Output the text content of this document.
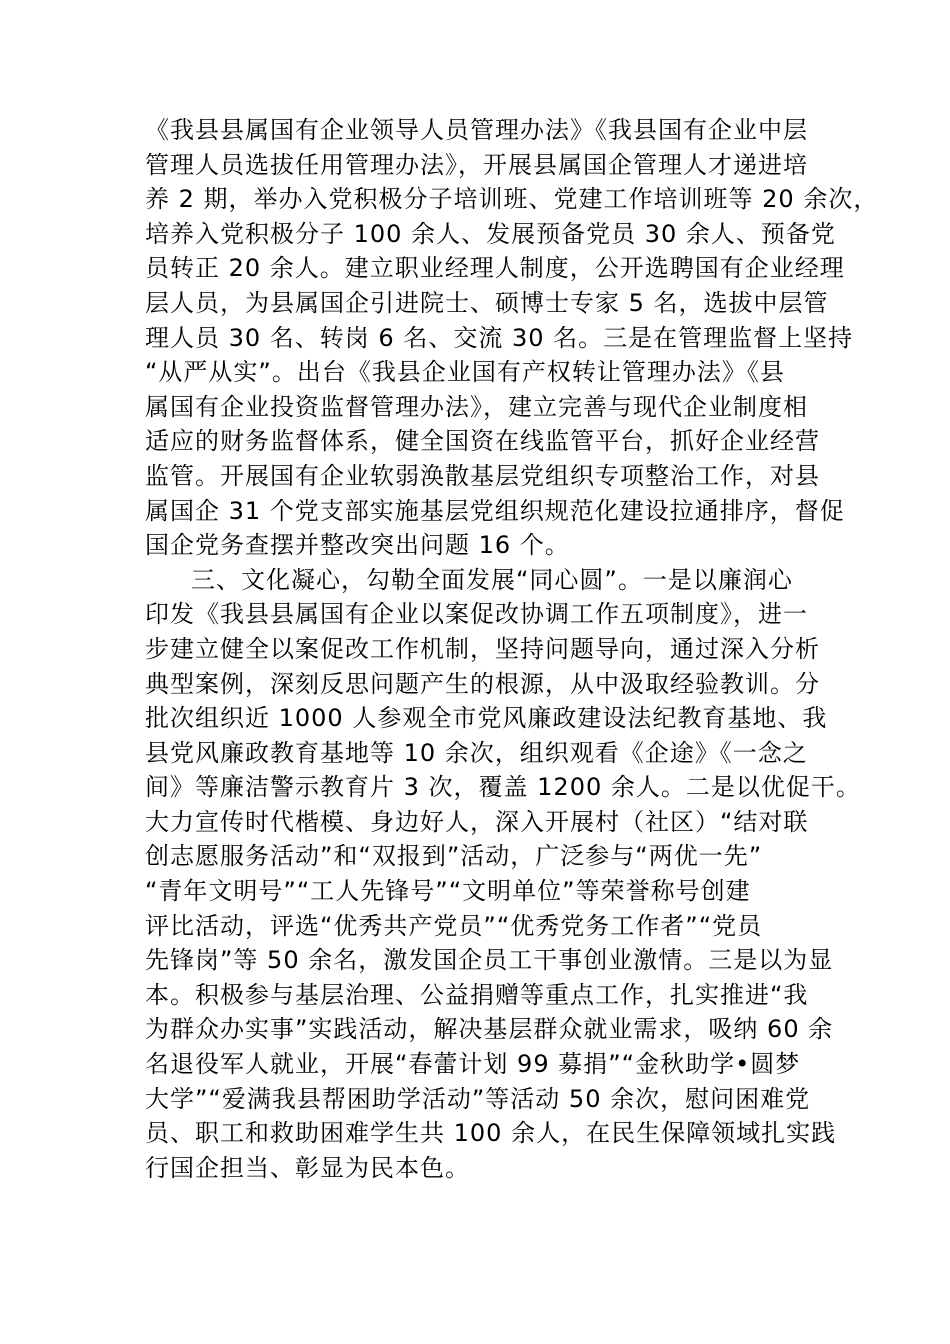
《我县县属国有企业领导人员管理办法》《我县国有企业中层
管理人员选拔任用管理办法》，开展县属国企管理人才递进培
养 2 期，举办入党积极分子培训班、党建工作培训班等 20 余次，
培养入党积极分子 100 余人、发展预备党员 30 余人、预备党
员转正 20 余人。建立职业经理人制度，公开选聘国有企业经理
层人员，为县属国企引进院士、硕博士专家 5 名，选拔中层管
理人员 30 名、转岗 6 名、交流 30 名。三是在管理监督上坚持
“从严从实”。出台《我县企业国有产权转让管理办法》《县
属国有企业投资监督管理办法》，建立完善与现代企业制度相
适应的财务监督体系，健全国资在线监管平台，抓好企业经营
监管。开展国有企业软弱涣散基层党组织专项整治工作，对县
属国企 31 个党支部实施基层党组织规范化建设拉通排序，督促
国企党务查摆并整改突出问题 16 个。
三、文化凝心，勾勒全面发展“同心圆”。一是以廉润心
印发《我县县属国有企业以案促改协调工作五项制度》，进一
步建立健全以案促改工作机制，坚持问题导向，通过深入分析
典型案例，深刻反思问题产生的根源，从中汲取经验教训。分
批次组织近 1000 人参观全市党风廉政建设法纪教育基地、我
县党风廉政教育基地等 10 余次，组织观看《企途》《一念之
间》等廉洁警示教育片 3 次，覆盖 1200 余人。二是以优促干。
大力宣传时代楷模、身边好人，深入开展村（社区）“结对联
创志愿服务活动”和“双报到”活动，广泛参与“两优一先”
“青年文明号”“工人先锋号”“文明单位”等荣誉称号创建
评比活动，评选“优秀共产党员”“优秀党务工作者”“党员
先锋岗”等 50 余名，激发国企员工干事创业激情。三是以为显
本。积极参与基层治理、公益捐赠等重点工作，扎实推进“我
为群众办实事”实践活动，解决基层群众就业需求，吸纳 60 余
名退役军人就业，开展“春蕾计划 99 募捐”“金秋助学•圆梦
大学”“爱满我县帮困助学活动”等活动 50 余次，慰问困难党
员、职工和救助困难学生共 100 余人，在民生保障领域扎实践
行国企担当、彰显为民本色。
